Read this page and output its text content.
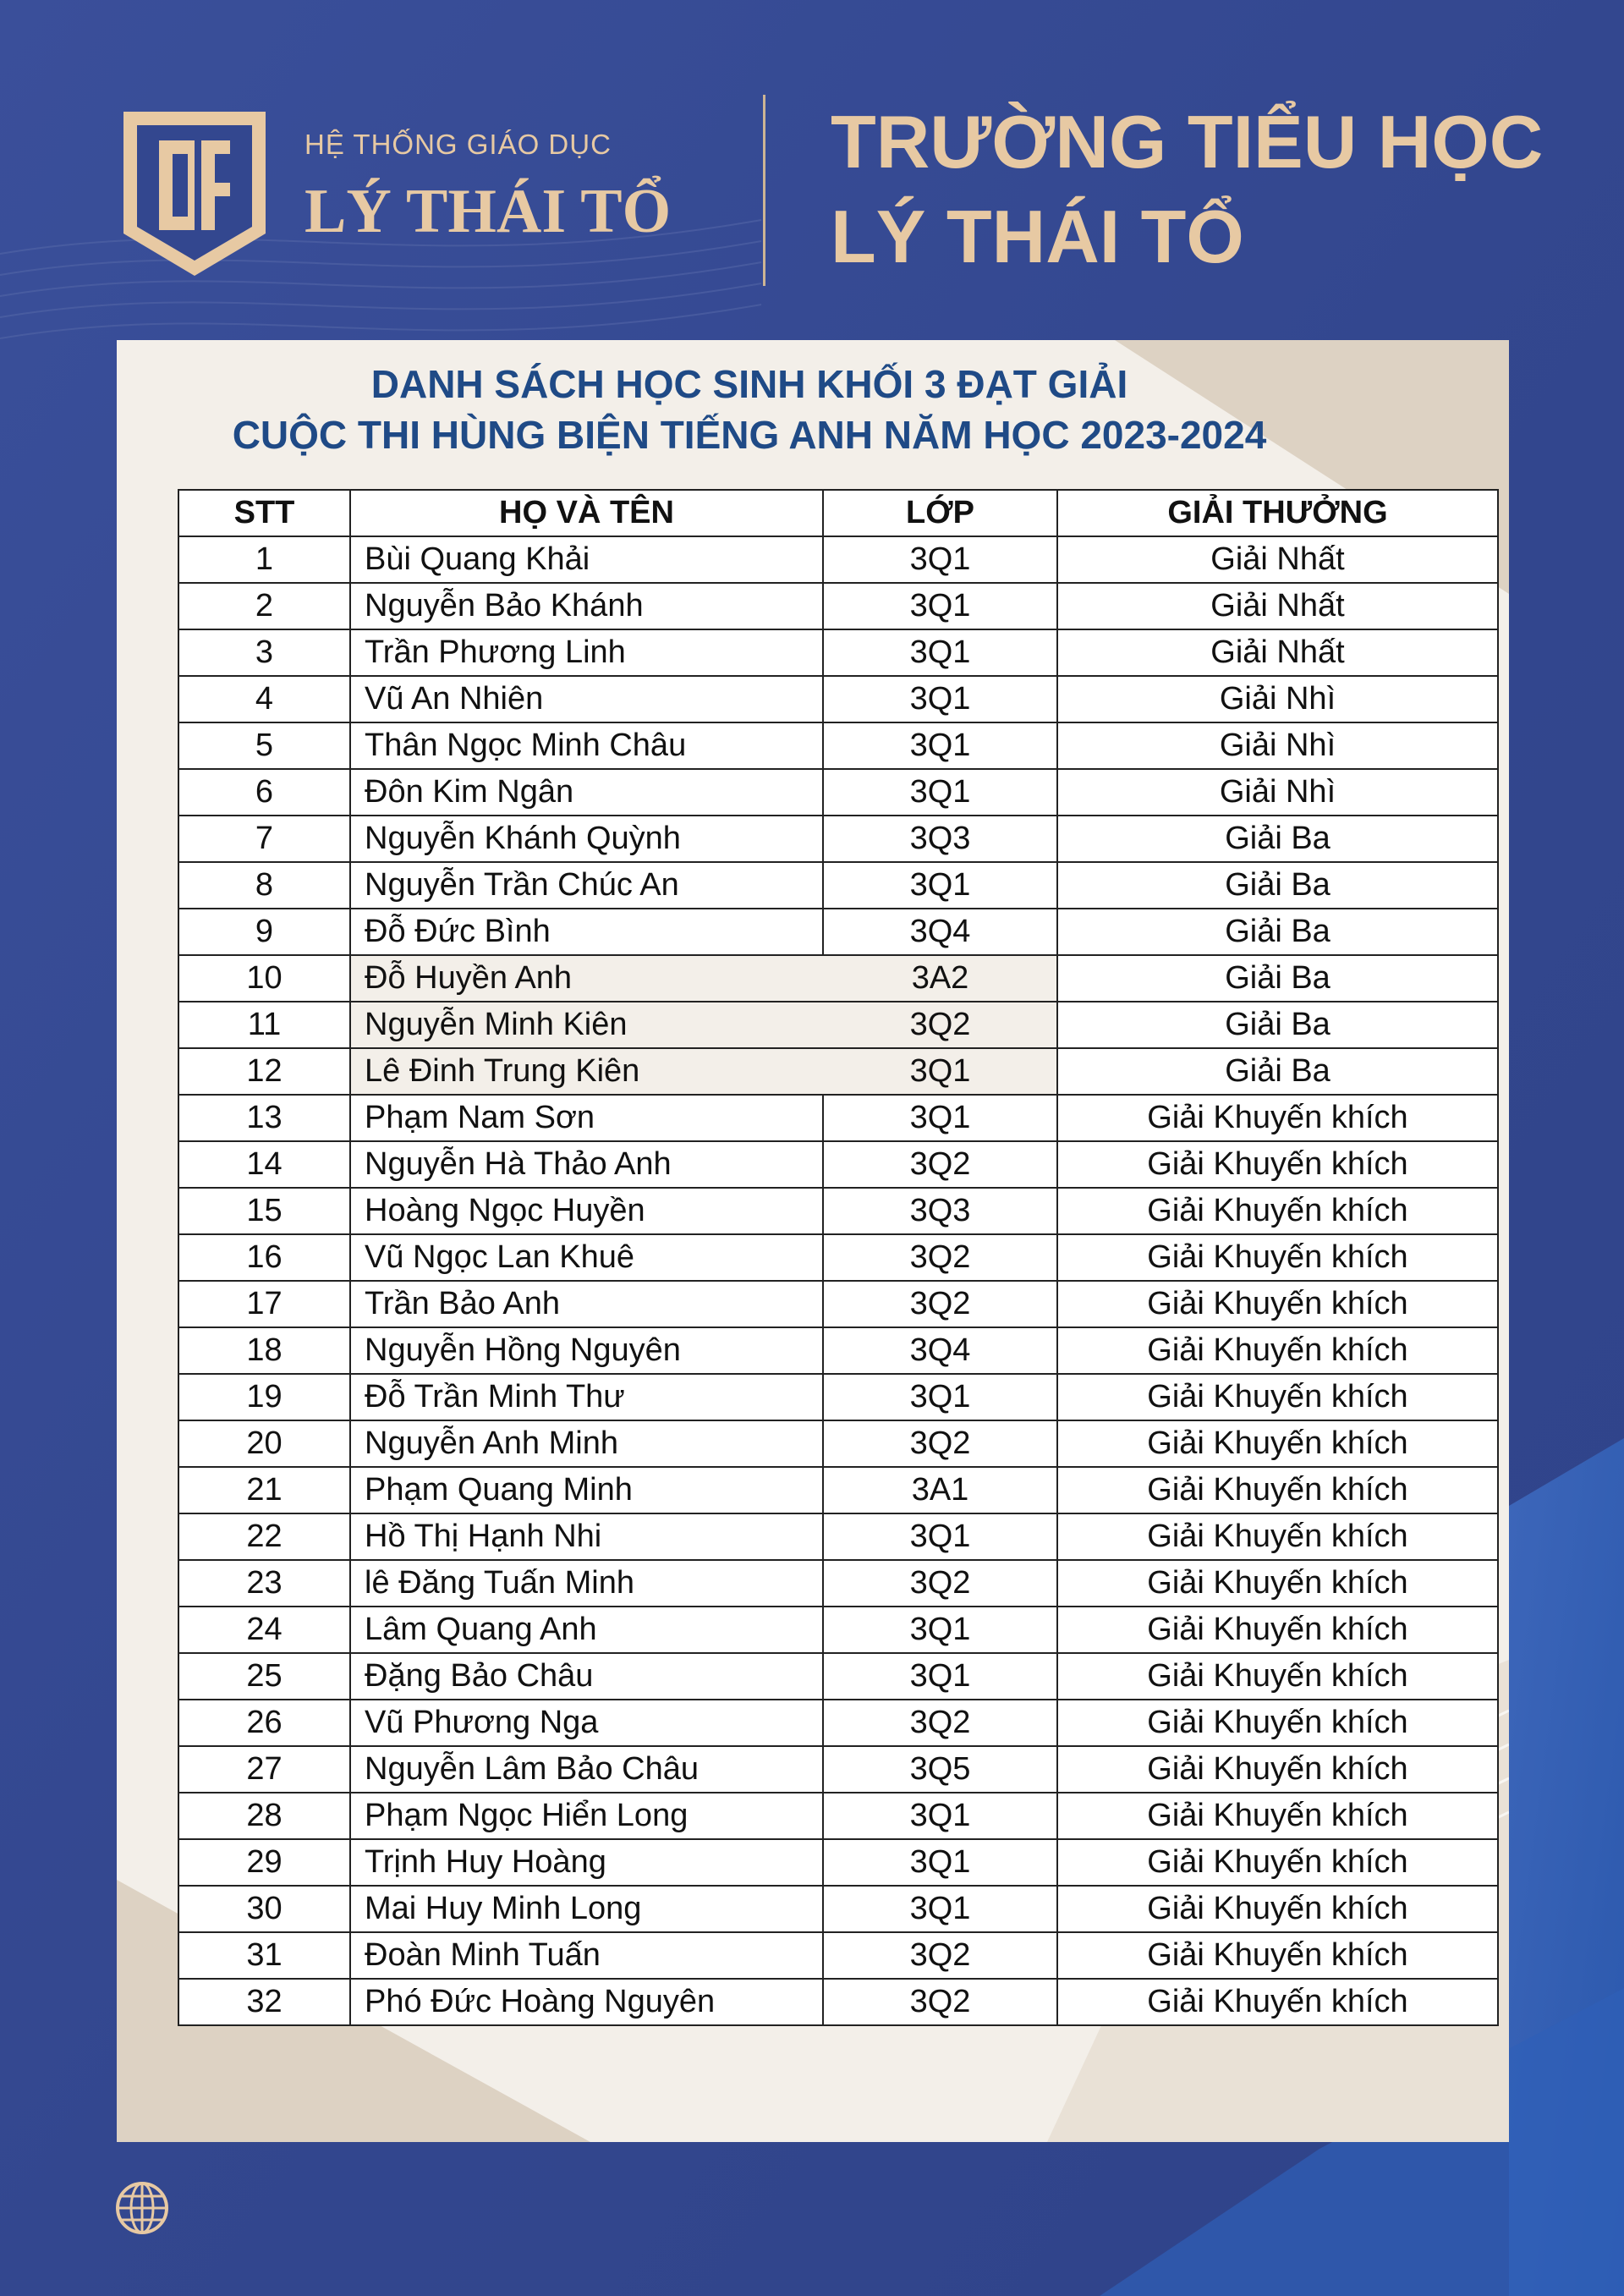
HỆ THỐNG GIÁO DỤC
LÝ THÁI TỔ
TRƯỜNG TIỂU HỌC
LÝ THÁI TỔ
DANH SÁCH HỌC SINH KHỐI 3 ĐẠT GIẢI
CUỘC THI HÙNG BIỆN TIẾNG ANH NĂM HỌC 2023-2024
STT	HỌ VÀ TÊN	LỚP	GIẢI THƯỞNG
1	Bùi Quang Khải	3Q1	Giải Nhất
2	Nguyễn Bảo Khánh	3Q1	Giải Nhất
3	Trần Phương Linh	3Q1	Giải Nhất
4	Vũ An Nhiên	3Q1	Giải Nhì
5	Thân Ngọc Minh Châu	3Q1	Giải Nhì
6	Đôn Kim Ngân	3Q1	Giải Nhì
7	Nguyễn Khánh Quỳnh	3Q3	Giải Ba
8	Nguyễn Trần Chúc An	3Q1	Giải Ba
9	Đỗ Đức Bình	3Q4	Giải Ba
10	Đỗ Huyền Anh	3A2	Giải Ba
11	Nguyễn Minh Kiên	3Q2	Giải Ba
12	Lê Đinh Trung Kiên	3Q1	Giải Ba
13	Phạm Nam Sơn	3Q1	Giải Khuyến khích
14	Nguyễn Hà Thảo Anh	3Q2	Giải Khuyến khích
15	Hoàng Ngọc Huyền	3Q3	Giải Khuyến khích
16	Vũ Ngọc Lan Khuê	3Q2	Giải Khuyến khích
17	Trần Bảo Anh	3Q2	Giải Khuyến khích
18	Nguyễn Hồng Nguyên	3Q4	Giải Khuyến khích
19	Đỗ Trần Minh Thư	3Q1	Giải Khuyến khích
20	Nguyễn Anh Minh	3Q2	Giải Khuyến khích
21	Phạm Quang Minh	3A1	Giải Khuyến khích
22	Hồ Thị Hạnh Nhi	3Q1	Giải Khuyến khích
23	lê Đăng Tuấn Minh	3Q2	Giải Khuyến khích
24	Lâm Quang Anh	3Q1	Giải Khuyến khích
25	Đặng Bảo Châu	3Q1	Giải Khuyến khích
26	Vũ Phương Nga	3Q2	Giải Khuyến khích
27	Nguyễn Lâm Bảo Châu	3Q5	Giải Khuyến khích
28	Phạm Ngọc Hiển Long	3Q1	Giải Khuyến khích
29	Trịnh Huy Hoàng	3Q1	Giải Khuyến khích
30	Mai Huy Minh Long	3Q1	Giải Khuyến khích
31	Đoàn Minh Tuấn	3Q2	Giải Khuyến khích
32	Phó Đức Hoàng Nguyên	3Q2	Giải Khuyến khích
